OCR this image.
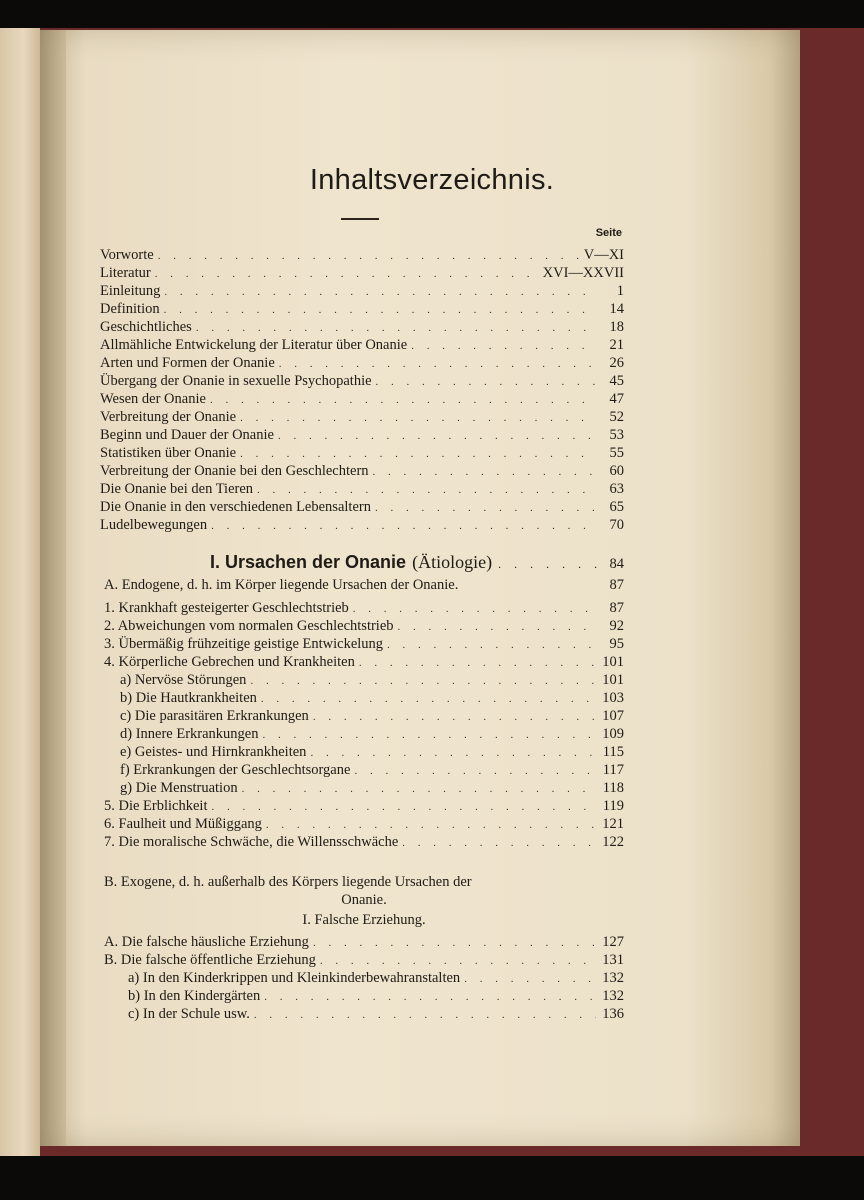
Inhaltsverzeichnis.
Seite
Vorworte . . .	V—XI
Literatur . . .	XVI—XXVII
Einleitung . . .	1
Definition . . .	14
Geschichtliches . . .	18
Allmähliche Entwickelung der Literatur über Onanie . . .	21
Arten und Formen der Onanie . . .	26
Übergang der Onanie in sexuelle Psychopathie . . .	45
Wesen der Onanie . . .	47
Verbreitung der Onanie . . .	52
Beginn und Dauer der Onanie . . .	53
Statistiken über Onanie . . .	55
Verbreitung der Onanie bei den Geschlechtern . . .	60
Die Onanie bei den Tieren . . .	63
Die Onanie in den verschiedenen Lebensaltern . . .	65
Ludelbewegungen . . .	70
I. Ursachen der Onanie (Ätiologie) . . .	84
A. Endogene, d. h. im Körper liegende Ursachen der Onanie.	87
1. Krankhaft gesteigerter Geschlechtstrieb . . .	87
2. Abweichungen vom normalen Geschlechtstrieb . . .	92
3. Übermäßig frühzeitige geistige Entwickelung . . .	95
4. Körperliche Gebrechen und Krankheiten . . .	101
a) Nervöse Störungen . . .	101
b) Die Hautkrankheiten . . .	103
c) Die parasitären Erkrankungen . . .	107
d) Innere Erkrankungen . . .	109
e) Geistes- und Hirnkrankheiten . . .	115
f) Erkrankungen der Geschlechtsorgane . . .	117
g) Die Menstruation . . .	118
5. Die Erblichkeit . . .	119
6. Faulheit und Müßiggang . . .	121
7. Die moralische Schwäche, die Willensschwäche . . .	122
B. Exogene, d. h. außerhalb des Körpers liegende Ursachen der
Onanie.
I. Falsche Erziehung.
A. Die falsche häusliche Erziehung . . .	127
B. Die falsche öffentliche Erziehung . . .	131
a) In den Kinderkrippen und Kleinkinderbewahranstalten . . .	132
b) In den Kindergärten . . .	132
c) In der Schule usw. . . .	136
